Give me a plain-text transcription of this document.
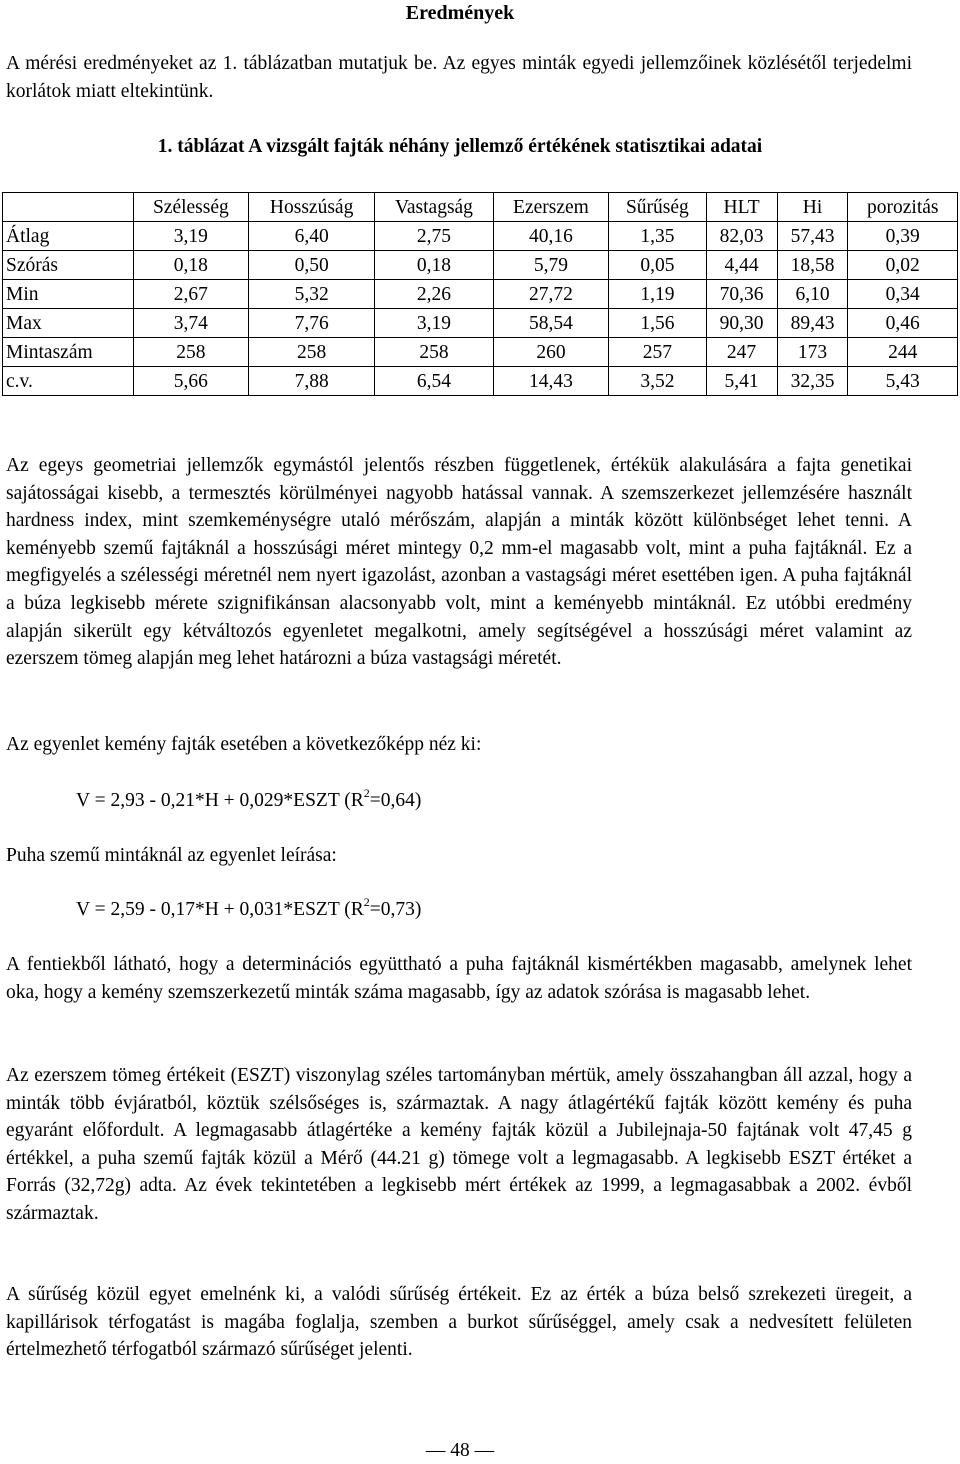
Eredmények

A mérési eredményeket az 1. táblázatban mutatjuk be. Az egyes minták egyedi jellemzőinek közlésétől terjedelmi korlátok miatt eltekintünk.

1. táblázat A vizsgált fajták néhány jellemző értékének statisztikai adatai

	Szélesség	Hosszúság	Vastagság	Ezerszem	Sűrűség	HLT	Hi	porozitás
Átlag	3,19	6,40	2,75	40,16	1,35	82,03	57,43	0,39
Szórás	0,18	0,50	0,18	5,79	0,05	4,44	18,58	0,02
Min	2,67	5,32	2,26	27,72	1,19	70,36	6,10	0,34
Max	3,74	7,76	3,19	58,54	1,56	90,30	89,43	0,46
Mintaszám	258	258	258	260	257	247	173	244
c.v.	5,66	7,88	6,54	14,43	3,52	5,41	32,35	5,43

Az egeys geometriai jellemzők egymástól jelentős részben függetlenek, értékük alakulására a fajta genetikai sajátosságai kisebb, a termesztés körülményei nagyobb hatással vannak. A szemszerkezet jellemzésére használt hardness index, mint szemkeménységre utaló mérőszám, alapján a minták között különbséget lehet tenni. A keményebb szemű fajtáknál a hosszúsági méret mintegy 0,2 mm-el magasabb volt, mint a puha fajtáknál. Ez a megfigyelés a szélességi méretnél nem nyert igazolást, azonban a vastagsági méret esettében igen. A puha fajtáknál a búza legkisebb mérete szignifikánsan alacsonyabb volt, mint a keményebb mintáknál. Ez utóbbi eredmény alapján sikerült egy kétváltozós egyenletet megalkotni, amely segítségével a hosszúsági méret valamint az ezerszem tömeg alapján meg lehet határozni a búza vastagsági méretét.

Az egyenlet kemény fajták esetében a következőképp néz ki:

V = 2,93 - 0,21*H + 0,029*ESZT $(R^2=0,64)$

Puha szemű mintáknál az egyenlet leírása:

V = 2,59 - 0,17*H + 0,031*ESZT $(R^2=0,73)$

A fentiekből látható, hogy a determinációs együttható a puha fajtáknál kismértékben magasabb, amelynek lehet oka, hogy a kemény szemszerkezetű minták száma magasabb, így az adatok szórása is magasabb lehet.

Az ezerszem tömeg értékeit (ESZT) viszonylag széles tartományban mértük, amely összahangban áll azzal, hogy a minták több évjáratból, köztük szélsőséges is, származtak. A nagy átlagértékű fajták között kemény és puha egyaránt előfordult. A legmagasabb átlagértéke a kemény fajták közül a Jubilejnaja-50 fajtának volt 47,45 g értékkel, a puha szemű fajták közül a Mérő (44.21 g) tömege volt a legmagasabb. A legkisebb ESZT értéket a Forrás (32,72g) adta. Az évek tekintetében a legkisebb mért értékek az 1999, a legmagasabbak a 2002. évből származtak.

A sűrűség közül egyet emelnénk ki, a valódi sűrűség értékeit. Ez az érték a búza belső szrekezeti üregeit, a kapillárisok térfogatást is magába foglalja, szemben a burkot sűrűséggel, amely csak a nedvesített felületen értelmezhető térfogatból származó sűrűséget jelenti.

— 48 —
